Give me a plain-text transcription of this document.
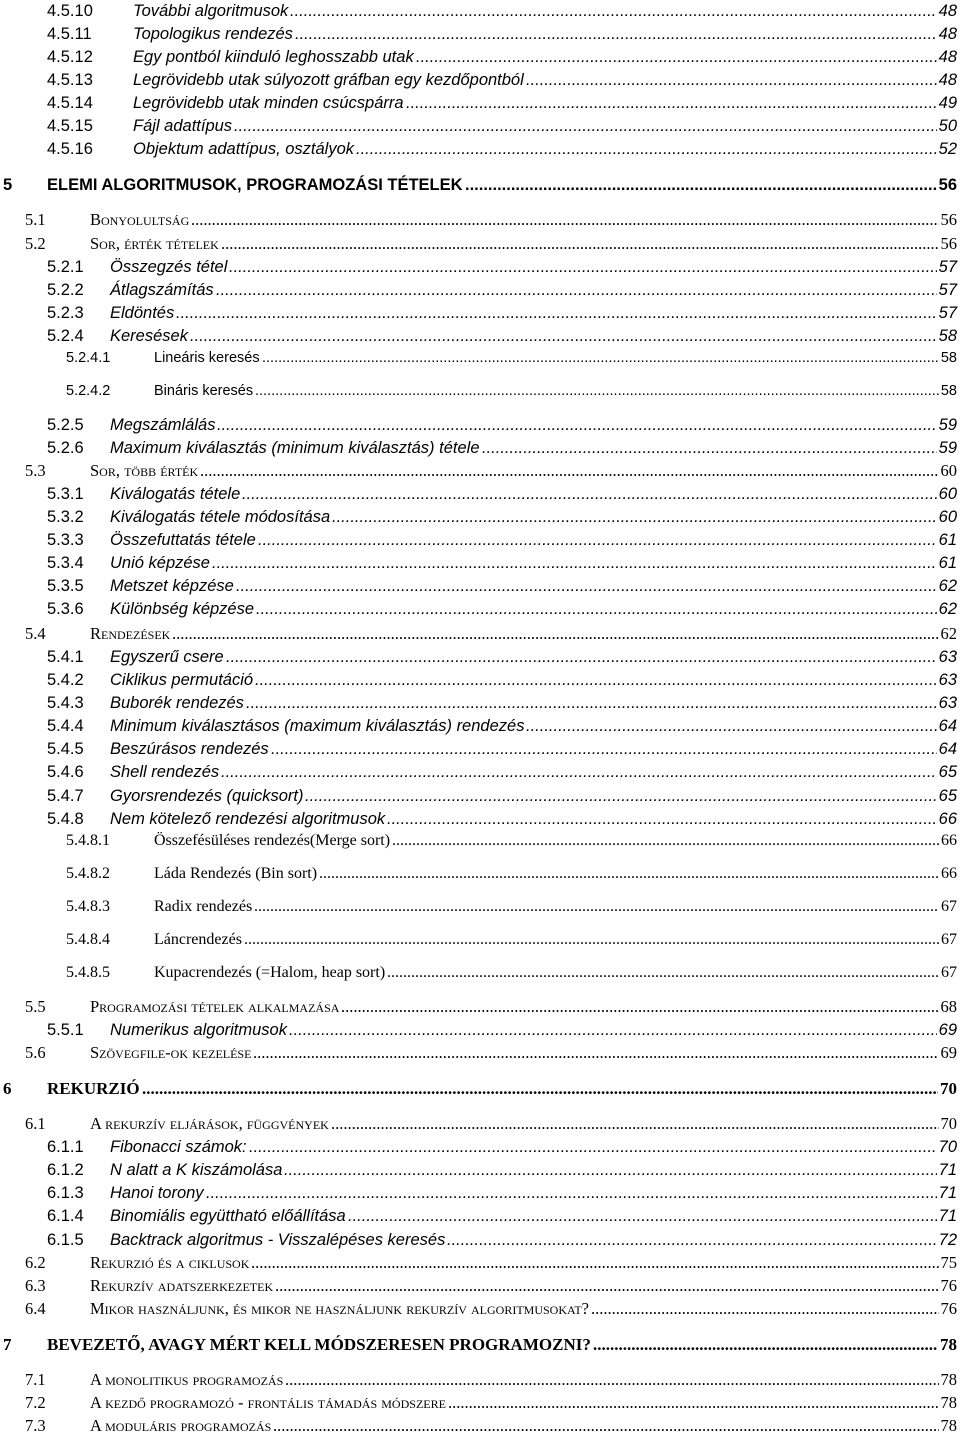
4.5.10 További algoritmusok .....	48
4.5.11	Topologikus rendezés .....	48
4.5.12 Egy pontból kiinduló leghosszabb utak .....	48
4.5.13 Legrövidebb utak súlyozott gráfban egy kezdőpontból .....	48
4.5.14 Legrövidebb utak minden csúcspárra .....	49
4.5.15 Fájl adattípus .....	50
4.5.16 Objektum adattípus, osztályok .....	52
5 ELEMI ALGORITMUSOK, PROGRAMOZÁSI TÉTELEK .....	56
5.1	Bonyolultság .....	56
5.2	Sor, érték tételek .....	56
5.2.1 Összegzés tétel .....	57
5.2.2 Átlagszámítás .....	57
5.2.3 Eldöntés .....	57
5.2.4 Keresések .....	58
5.2.4.1	Lineáris keresés .....	58
5.2.4.2	Bináris keresés .....	58
5.2.5 Megszámlálás .....	59
5.2.6 Maximum kiválasztás (minimum kiválasztás) tétele .....	59
5.3	Sor, több érték .....	60
5.3.1 Kiválogatás tétele .....	60
5.3.2 Kiválogatás tétele módosítása .....	60
5.3.3 Összefuttatás tétele .....	61
5.3.4 Unió képzése .....	61
5.3.5 Metszet képzése .....	62
5.3.6 Különbség képzése .....	62
5.4	Rendezések .....	62
5.4.1 Egyszerű csere .....	63
5.4.2 Ciklikus permutáció .....	63
5.4.3 Buborék rendezés .....	63
5.4.4 Minimum kiválasztásos (maximum kiválasztás) rendezés .....	64
5.4.5 Beszúrásos rendezés .....	64
5.4.6 Shell rendezés .....	65
5.4.7 Gyorsrendezés (quicksort) .....	65
5.4.8 Nem kötelező rendezési algoritmusok .....	66
5.4.8.1	Összefésüléses rendezés(Merge sort) .....	66
5.4.8.2	Láda Rendezés (Bin sort) .....	66
5.4.8.3	Radix rendezés .....	67
5.4.8.4	Láncrendezés .....	67
5.4.8.5	Kupacrendezés (=Halom, heap sort) .....	67
5.5	Programozási tételek alkalmazása .....	68
5.5.1 Numerikus algoritmusok .....	69
5.6	Szövegfile-ok kezelése .....	69
6 REKURZIÓ .....	70
6.1	A rekurzív eljárások, függvények .....	70
6.1.1 Fibonacci számok: .....	70
6.1.2 N alatt a K kiszámolása .....	71
6.1.3 Hanoi torony .....	71
6.1.4 Binomiális együttható előállítása .....	71
6.1.5 Backtrack algoritmus - Visszalépéses keresés .....	72
6.2	Rekurzió és a ciklusok .....	75
6.3	Rekurzív adatszerkezetek .....	76
6.4	Mikor használjunk, és mikor ne használjunk rekurzív algoritmusokat? .....	76
7 BEVEZETŐ, AVAGY MÉRT KELL MÓDSZERESEN PROGRAMOZNI? .....	78
7.1	A monolitikus programozás .....	78
7.2	A kezdő programozó - frontális támadás módszere .....	78
7.3	A moduláris programozás .....	78
